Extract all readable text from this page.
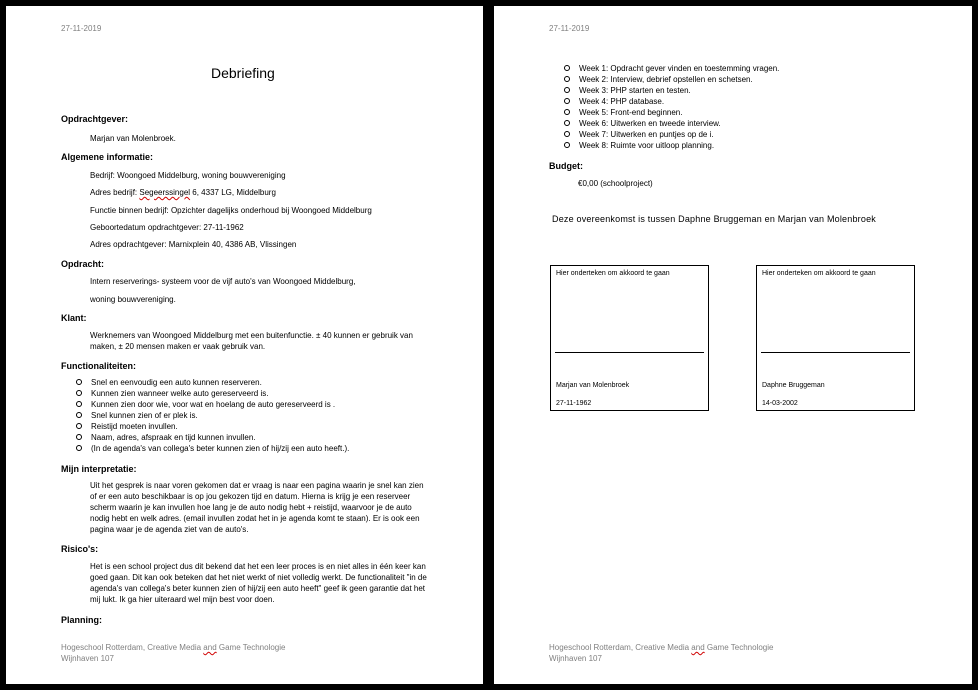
27-11-2019
Debriefing
Opdrachtgever:
Marjan van Molenbroek.
Algemene informatie:
Bedrijf: Woongoed Middelburg, woning bouwvereniging
Adres bedrijf: Segeerssingel 6, 4337 LG, Middelburg
Functie binnen bedrijf: Opzichter dagelijks onderhoud bij Woongoed Middelburg
Geboortedatum opdrachtgever: 27-11-1962
Adres opdrachtgever: Marnixplein 40, 4386 AB, Vlissingen
Opdracht:
Intern reserverings- systeem voor de vijf auto's van Woongoed Middelburg,
woning bouwvereniging.
Klant:
Werknemers van Woongoed Middelburg met een buitenfunctie. ± 40 kunnen er gebruik van maken, ± 20 mensen maken er vaak gebruik van.
Functionaliteiten:
Snel en eenvoudig een auto kunnen reserveren.
Kunnen zien wanneer welke auto gereserveerd is.
Kunnen zien door wie, voor wat en hoelang de auto gereserveerd is .
Snel kunnen zien of er plek is.
Reistijd moeten invullen.
Naam, adres, afspraak en tijd kunnen invullen.
(In de agenda's van collega's beter kunnen zien of hij/zij een auto heeft.).
Mijn interpretatie:
Uit het gesprek is naar voren gekomen dat er vraag is naar een pagina waarin je snel kan zien of er een auto beschikbaar is op jou gekozen tijd en datum. Hierna is krijg je een reserveer scherm waarin je kan invullen hoe lang je de auto nodig hebt + reistijd, waarvoor je de auto nodig hebt en welk adres. (email invullen zodat het in je agenda komt te staan). Er is ook een pagina waar je de agenda ziet van de auto's.
Risico's:
Het is een school project dus dit bekend dat het een leer proces is en niet alles in één keer kan goed gaan. Dit kan ook beteken dat het niet werkt of niet volledig werkt. De functionaliteit "in de agenda's van collega's beter kunnen zien of hij/zij een auto heeft" geef ik geen garantie dat het mij lukt. Ik ga hier uiteraard wel mijn best voor doen.
Planning:
Hogeschool Rotterdam, Creative Media and Game Technologie
Wijnhaven 107
27-11-2019
Week 1: Opdracht gever vinden en toestemming vragen.
Week 2: Interview, debrief opstellen en schetsen.
Week 3: PHP starten en testen.
Week 4: PHP database.
Week 5: Front-end beginnen.
Week 6: Uitwerken en tweede interview.
Week 7: Uitwerken en puntjes op de i.
Week 8: Ruimte voor uitloop planning.
Budget:
€0,00 (schoolproject)
Deze overeenkomst is tussen Daphne Bruggeman en Marjan van Molenbroek
Hier onderteken om akkoord te gaan
Marjan van Molenbroek
27-11-1962
Hier onderteken om akkoord te gaan
Daphne Bruggeman
14-03-2002
Hogeschool Rotterdam, Creative Media and Game Technologie
Wijnhaven 107
